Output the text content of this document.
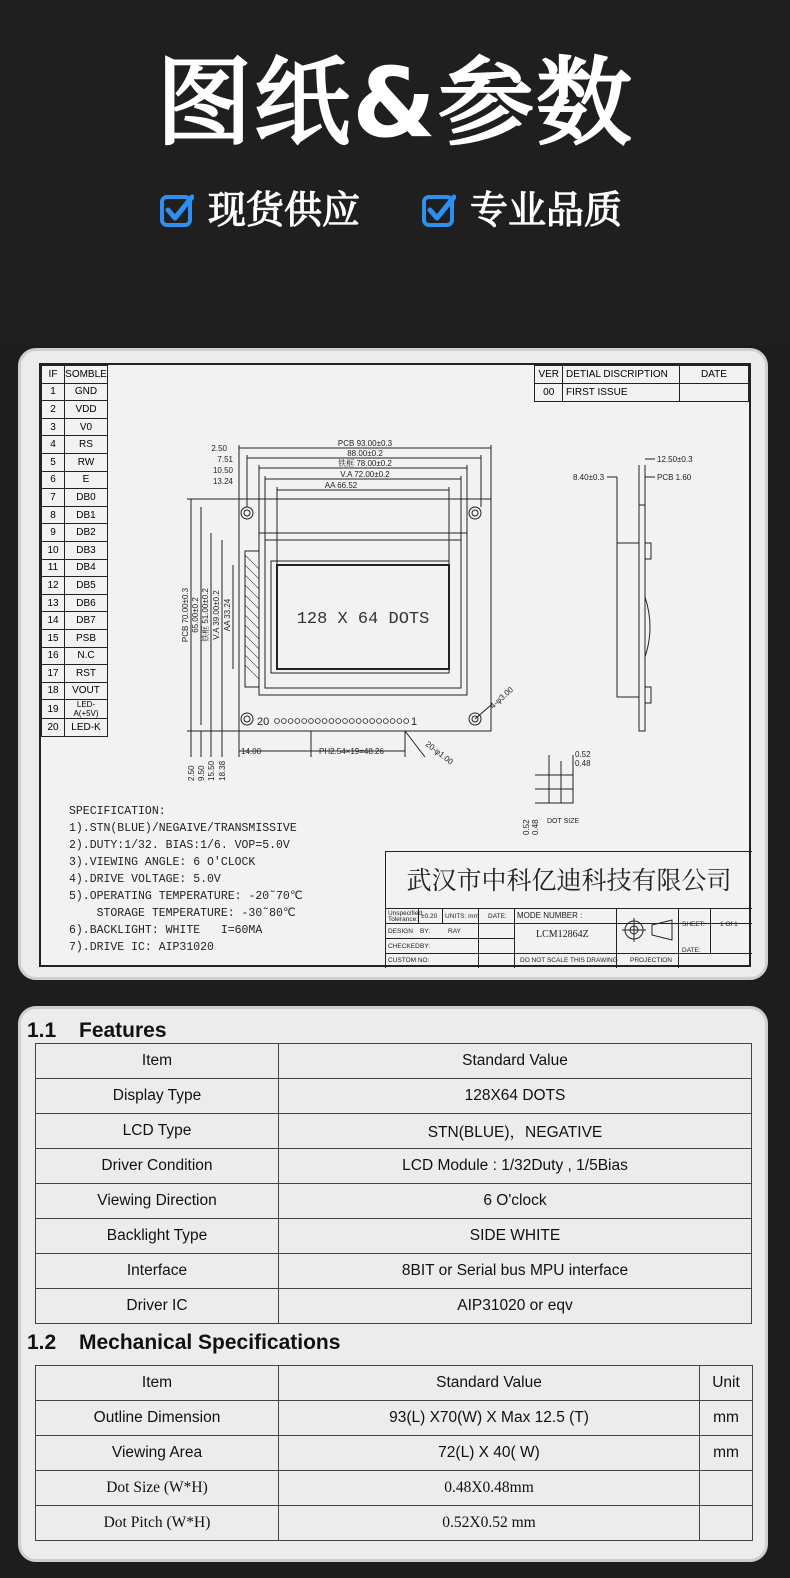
图纸&参数
现货供应	专业品质
IF	SOMBLE
1	GND
2	VDD
3	V0
4	RS
5	RW
6	E
7	DB0
8	DB1
9	DB2
10	DB3
11	DB4
12	DB5
13	DB6
14	DB7
15	PSB
16	N.C
17	RST
18	VOUT
19	LED-A(+5V)
20	LED-K
VER	DETIAL DISCRIPTION	DATE
00	FIRST ISSUE	
PCB 93.00±0.3
88.00±0.2
铁框 78.00±0.2
V.A 72.00±0.2
AA 66.52
2.50
7.51
10.50
13.24
PCB 70.00±0.3 65.00±0.2 铁框 51.00±0.2 V.A 39.00±0.2 AA 33.24
2.50 9.50 15.50 18.38
14.00	PH2.54×19=48.26	20-φ1.00
4-φ3.00
12.50±0.3
8.40±0.3	PCB 1.60
0.52
0.48
0.52 0.48 DOT SIZE
128 X 64 DOTS
20	1
SPECIFICATION:
1).STN(BLUE)/NEGAIVE/TRANSMISSIVE
2).DUTY:1/32. BIAS:1/6. VOP=5.0V
3).VIEWING ANGLE: 6 O'CLOCK
4).DRIVE VOLTAGE: 5.0V
5).OPERATING TEMPERATURE: -20˜70℃
STORAGE TEMPERATURE: -30˜80℃
6).BACKLIGHT: WHITE   I=60MA
7).DRIVE IC: AIP31020
武汉市中科亿迪科技有限公司
Unspecified
Tolerance: ±0.20 UNITS: mm DATE: MODE NUMBER :
LCM12864Z
DESIGN BY:	RAY
CHECKED BY:
CUSTOM NO:	DO NOT SCALE THIS DRAWING PROJECTION
SHEET: 1 Of 1
DATE:
1.1 Features
Item	Standard Value
Display Type	128X64 DOTS
LCD Type	STN(BLUE)，NEGATIVE
Driver Condition	LCD Module : 1/32Duty , 1/5Bias
Viewing Direction	6 O'clock
Backlight Type	SIDE WHITE
Interface	8BIT or Serial bus MPU interface
Driver IC	AIP31020 or eqv
1.2 Mechanical Specifications
Item	Standard Value	Unit
Outline Dimension	93(L) X70(W) X Max 12.5 (T)	mm
Viewing Area	72(L) X 40( W)	mm
Dot Size (W*H)	0.48X0.48mm	
Dot Pitch (W*H)	0.52X0.52 mm	
